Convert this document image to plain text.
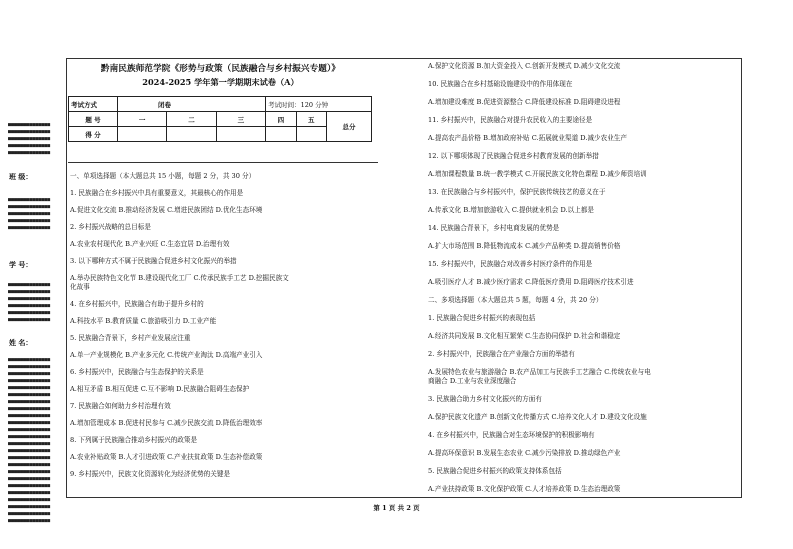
■■■■■■■■■■■■■■
■■■■■■■■■■■■■■
■■■■■■■■■■■■■■
■■■■■■■■■■■■■■
■■■■■■■■■■■■■■
班 级：
■■■■■■■■■■■■■■
■■■■■■■■■■■■■■
■■■■■■■■■■■■■■
■■■■■■■■■■■■■■
■■■■■■■■■■■■■■
学 号：
■■■■■■■■■■■■■■
■■■■■■■■■■■■■■
■■■■■■■■■■■■■■
■■■■■■■■■■■■■■
■■■■■■■■■■■■■■
■■■■■■■■■■■■■■
姓 名：
■■■■■■■■■■■■■■
■■■■■■■■■■■■■■
■■■■■■■■■■■■■■
■■■■■■■■■■■■■■
■■■■■■■■■■■■■■
■■■■■■■■■■■■■■
■■■■■■■■■■■■■■
■■■■■■■■■■■■■■
■■■■■■■■■■■■■■
■■■■■■■■■■■■■■
■■■■■■■■■■■■■■
■■■■■■■■■■■■■■
■■■■■■■■■■■■■■
■■■■■■■■■■■■■■
■■■■■■■■■■■■■■
■■■■■■■■■■■■■■
■■■■■■■■■■■■■■
■■■■■■■■■■■■■■
■■■■■■■■■■■■■■
■■■■■■■■■■■■■■
■■■■■■■■■■■■■■
■■■■■■■■■■■■■■
■■■■■■■■■■■■■■
■■■■■■■■■■■■■■
黔南民族师范学院《形势与政策（民族融合与乡村振兴专题）》
2024-2025 学年第一学期期末试卷（A）
考试方式	闭卷			考试时间：120 分钟		
题 号	一	二	三	四	五	总分
得 分						

一、单项选择题（本大题总共 15 小题，每题 2 分，共 30 分）

1. 民族融合在乡村振兴中具有重要意义，其最核心的作用是

A.促进文化交流 B.推动经济发展 C.增进民族团结 D.优化生态环境

2. 乡村振兴战略的总目标是

A.农业农村现代化 B.产业兴旺 C.生态宜居 D.治理有效

3. 以下哪种方式不属于民族融合促进乡村文化振兴的举措

A.举办民族特色文化节 B.建设现代化工厂 C.传承民族手工艺 D.挖掘民族文

化故事

4. 在乡村振兴中，民族融合有助于提升乡村的

A.科技水平 B.教育质量 C.旅游吸引力 D.工业产能

5. 民族融合背景下，乡村产业发展应注重

A.单一产业规模化 B.产业多元化 C.传统产业淘汰 D.高端产业引入

6. 乡村振兴中，民族融合与生态保护的关系是

A.相互矛盾 B.相互促进 C.互不影响 D.民族融合阻碍生态保护

7. 民族融合如何助力乡村治理有效

A.增加管理成本 B.促进村民参与 C.减少民族交流 D.降低治理效率

8. 下列属于民族融合推动乡村振兴的政策是

A.农业补贴政策 B.人才引进政策 C.产业扶贫政策 D.生态补偿政策

9. 乡村振兴中，民族文化资源转化为经济优势的关键是

A.保护文化资源 B.加大资金投入 C.创新开发模式 D.减少文化交流

10. 民族融合在乡村基础设施建设中的作用体现在

A.增加建设难度 B.促进资源整合 C.降低建设标准 D.阻碍建设进程

11. 乡村振兴中，民族融合对提升农民收入的主要途径是

A.提高农产品价格 B.增加政府补贴 C.拓展就业渠道 D.减少农业生产

12. 以下哪项体现了民族融合促进乡村教育发展的创新举措

A.增加课程数量 B.统一教学模式 C.开展民族文化特色课程 D.减少师资培训

13. 在民族融合与乡村振兴中，保护民族传统技艺的意义在于

A.传承文化 B.增加旅游收入 C.提供就业机会 D.以上都是

14. 民族融合背景下，乡村电商发展的优势是

A.扩大市场范围 B.降低物流成本 C.减少产品种类 D.提高销售价格

15. 乡村振兴中，民族融合对改善乡村医疗条件的作用是

A.吸引医疗人才 B.减少医疗需求 C.降低医疗费用 D.阻碍医疗技术引进

二、多项选择题（本大题总共 5 题，每题 4 分，共 20 分）

1. 民族融合促进乡村振兴的表现包括

A.经济共同发展 B.文化相互繁荣 C.生态协同保护 D.社会和谐稳定

2. 乡村振兴中，民族融合在产业融合方面的举措有

A.发展特色农业与旅游融合 B.农产品加工与民族手工艺融合 C.传统农业与电

商融合 D.工业与农业深度融合

3. 民族融合助力乡村文化振兴的方面有

A.保护民族文化遗产 B.创新文化传播方式 C.培养文化人才 D.建设文化设施

4. 在乡村振兴中，民族融合对生态环境保护的积极影响有

A.提高环保意识 B.发展生态农业 C.减少污染排放 D.推动绿色产业

5. 民族融合促进乡村振兴的政策支持体系包括

A.产业扶持政策 B.文化保护政策 C.人才培养政策 D.生态治理政策

第 1 页 共 2 页
